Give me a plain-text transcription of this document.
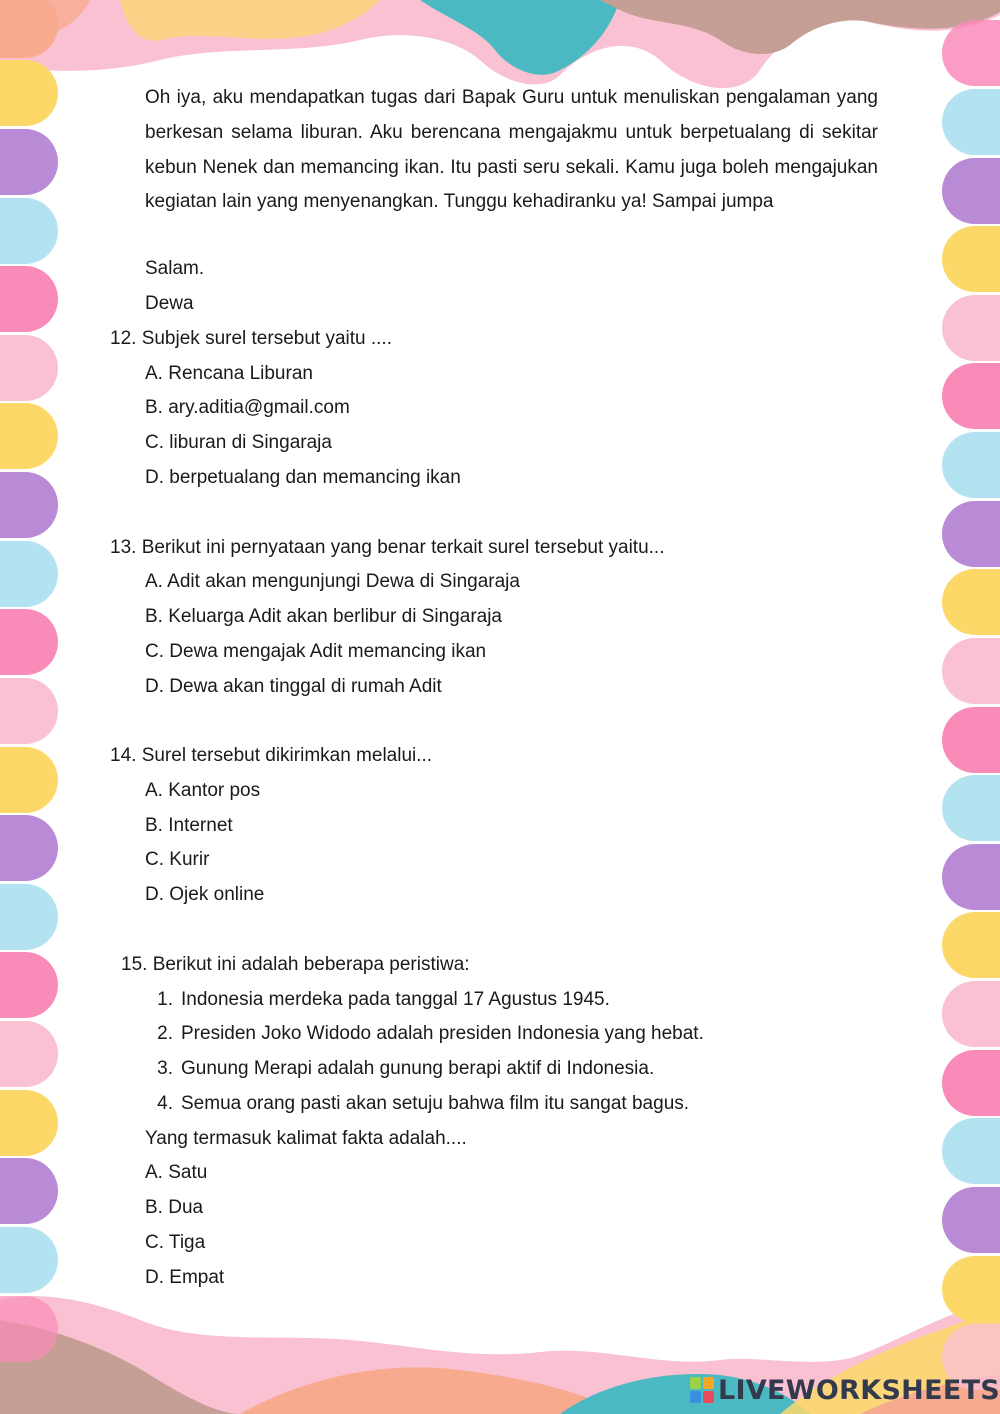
Oh iya, aku mendapatkan tugas dari Bapak Guru untuk menuliskan pengalaman yang berkesan selama liburan. Aku berencana mengajakmu untuk berpetualang di sekitar kebun Nenek dan memancing ikan. Itu pasti seru sekali. Kamu juga boleh mengajukan kegiatan lain yang menyenangkan. Tunggu kehadiranku ya! Sampai jumpa

Salam.

Dewa

12. Subjek surel tersebut yaitu ....

A. Rencana Liburan

B. ary.aditia@gmail.com

C. liburan di Singaraja

D. berpetualang dan memancing ikan

13. Berikut ini pernyataan yang benar terkait surel tersebut yaitu...

A. Adit akan mengunjungi Dewa di Singaraja

B. Keluarga Adit akan berlibur di Singaraja

C. Dewa mengajak Adit memancing ikan

D. Dewa akan tinggal di rumah Adit

14. Surel tersebut dikirimkan melalui...

A. Kantor pos

B. Internet

C. Kurir

D. Ojek online

15. Berikut ini adalah beberapa peristiwa:

1. Indonesia merdeka pada tanggal 17 Agustus 1945.

2. Presiden Joko Widodo adalah presiden Indonesia yang hebat.

3. Gunung Merapi adalah gunung berapi aktif di Indonesia.

4. Semua orang pasti akan setuju bahwa film itu sangat bagus.

Yang termasuk kalimat fakta adalah....

A. Satu

B. Dua

C. Tiga

D. Empat

LIVEWORKSHEETS
